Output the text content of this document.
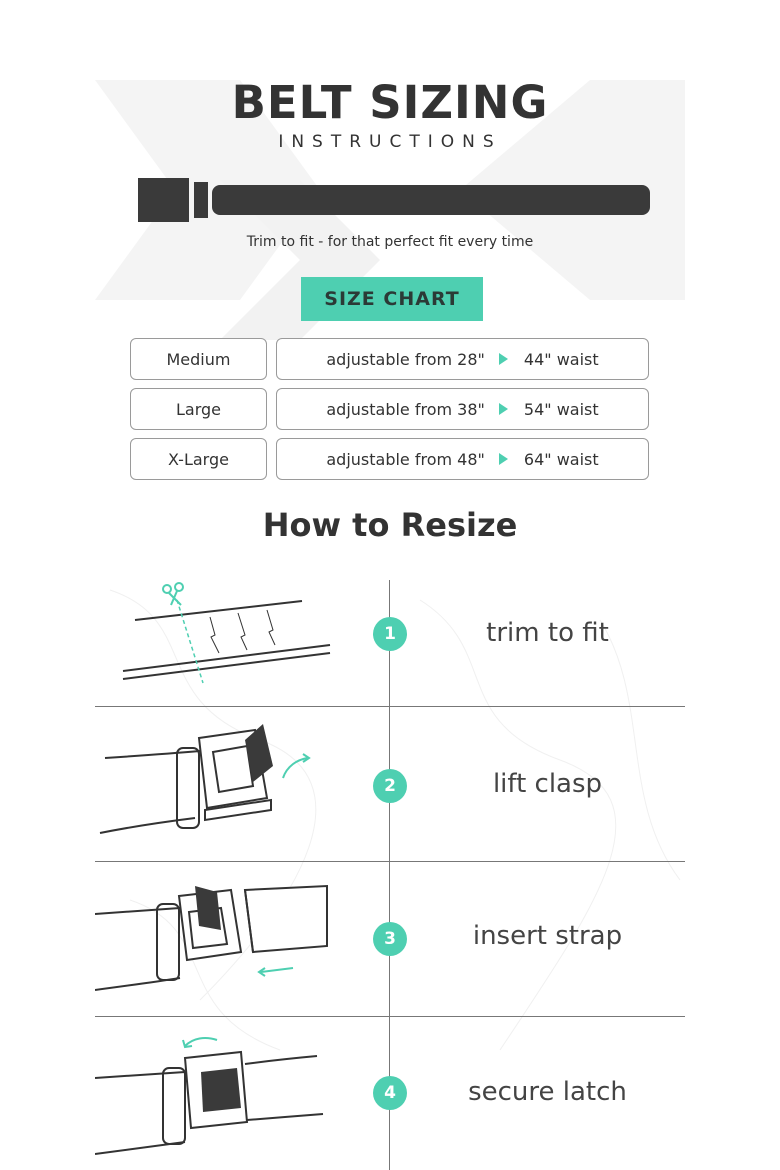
BELT SIZING
INSTRUCTIONS
Trim to fit - for that perfect fit every time
SIZE CHART
Medium	adjustable from 28" 44" waist
Large	adjustable from 38" 54" waist
X-Large	adjustable from 48" 64" waist
How to Resize
1	trim to fit
2	lift clasp
3	insert strap
4	secure latch
